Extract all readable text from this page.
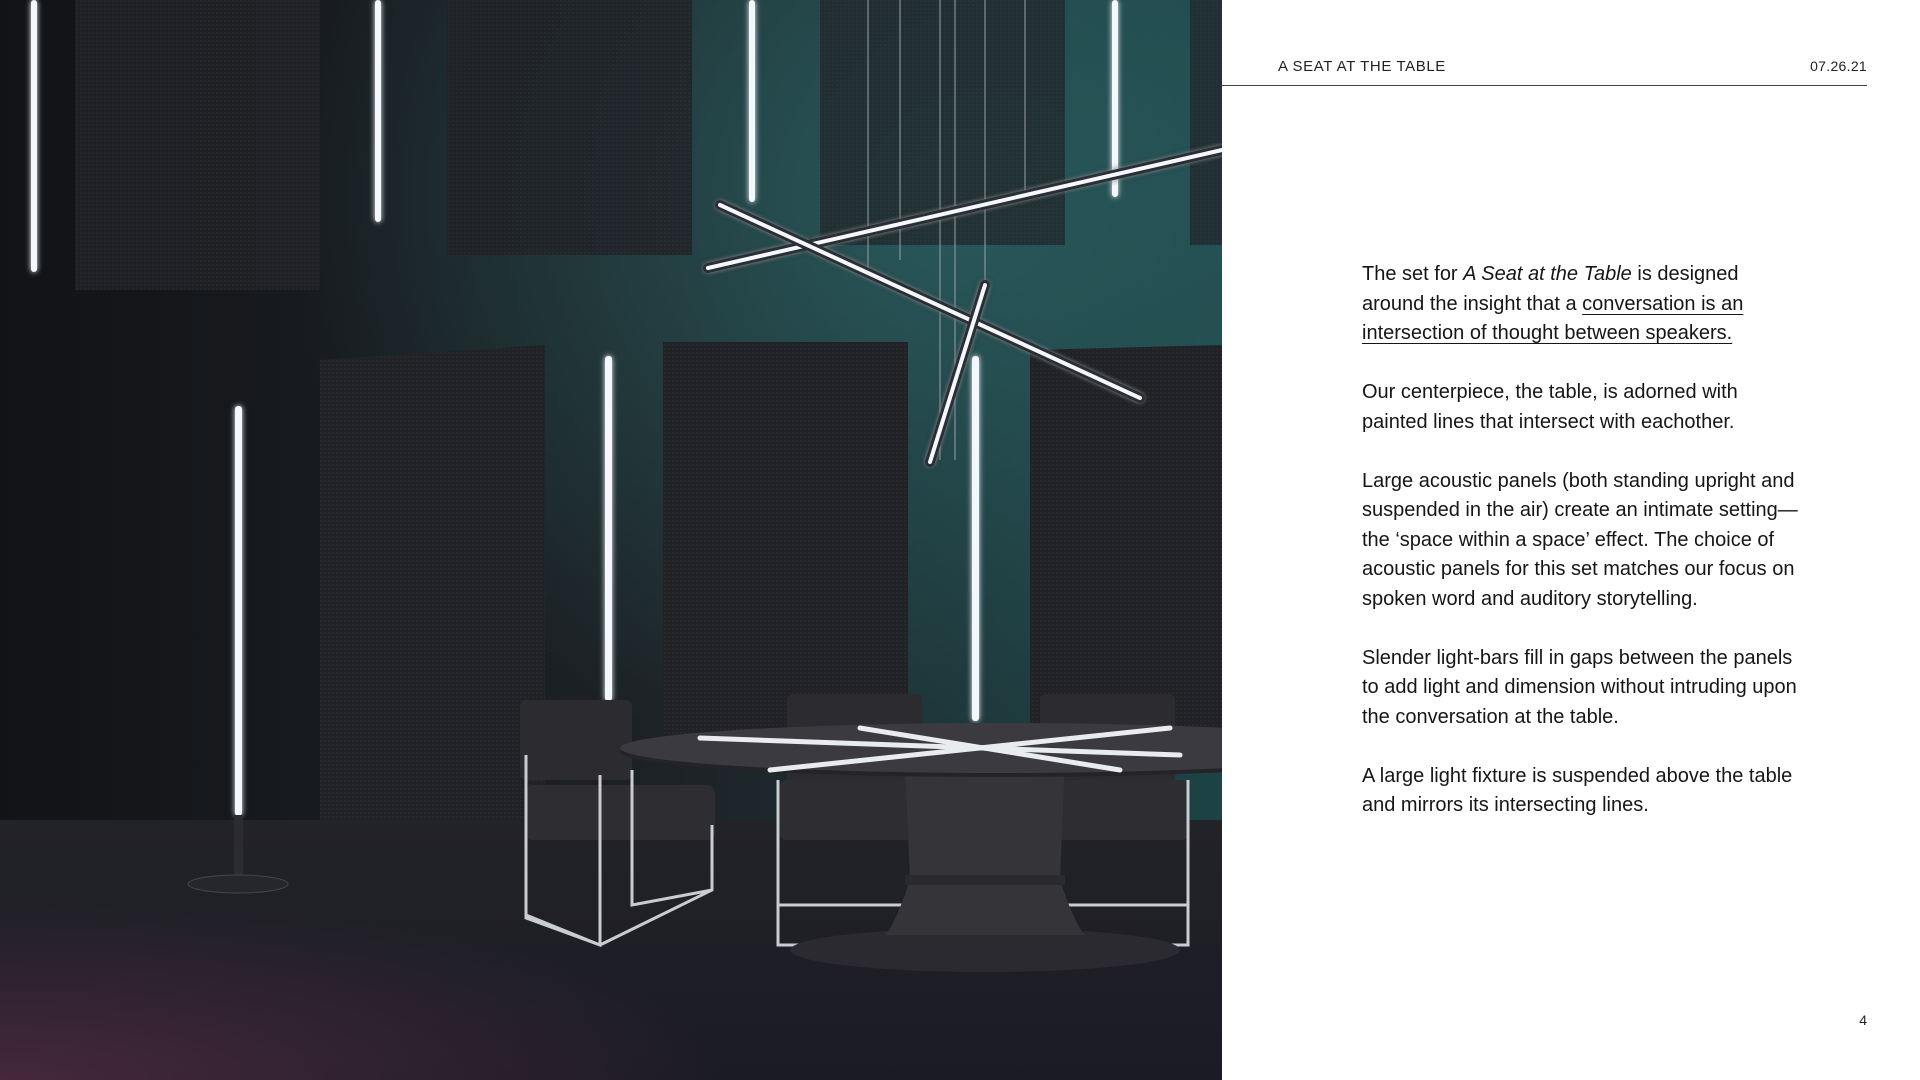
A SEAT AT THE TABLE	07.26.21

The set for A Seat at the Table is designed around the insight that a conversation is an intersection of thought between speakers.

Our centerpiece, the table, is adorned with painted lines that intersect with eachother.

Large acoustic panels (both standing upright and suspended in the air) create an intimate setting—the ‘space within a space’ effect. The choice of acoustic panels for this set matches our focus on spoken word and auditory storytelling.

Slender light-bars fill in gaps between the panels to add light and dimension without intruding upon the conversation at the table.

A large light fixture is suspended above the table and mirrors its intersecting lines.

4
